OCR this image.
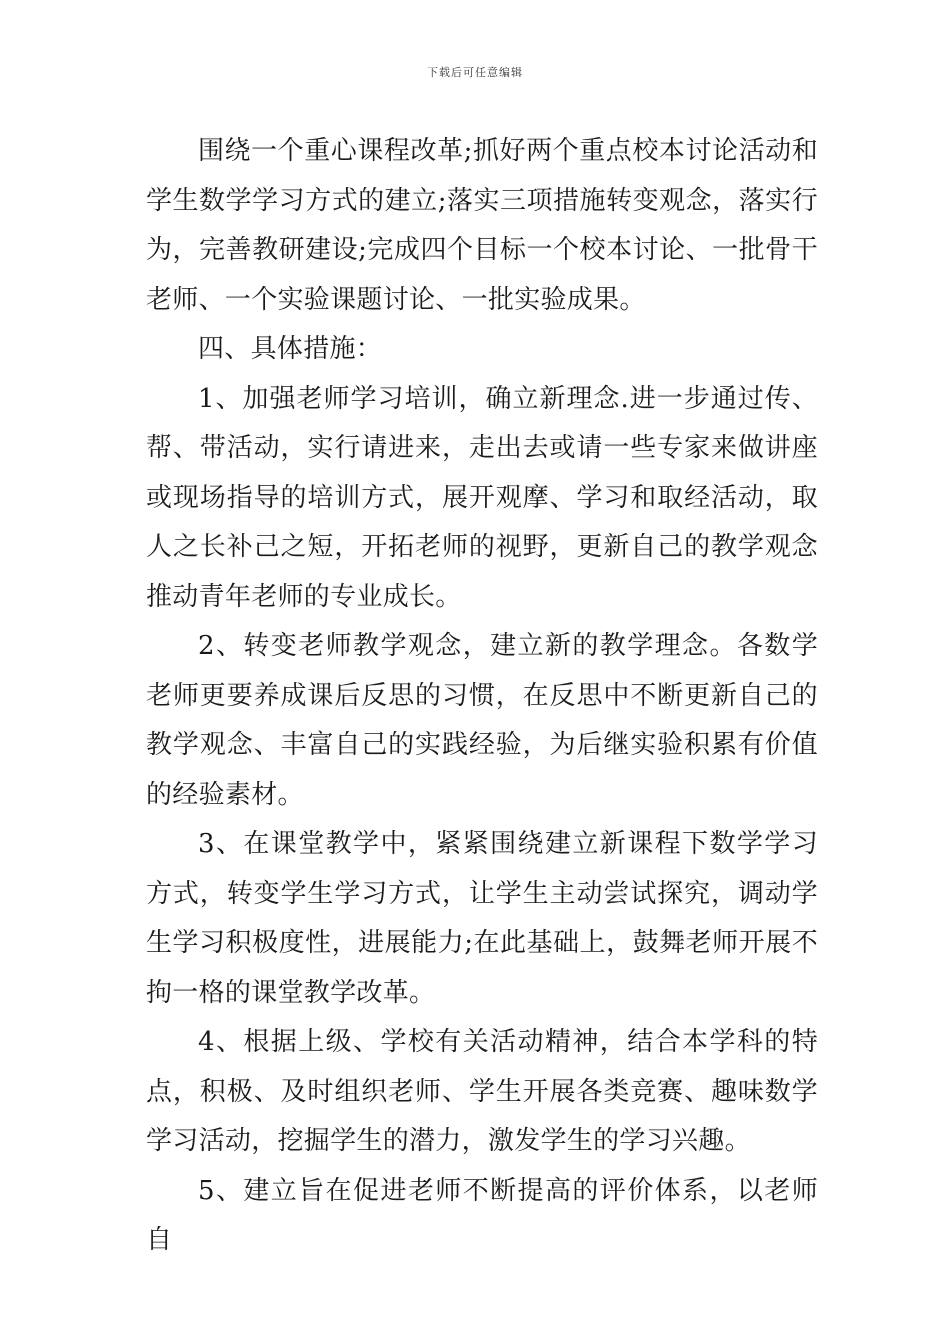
下载后可任意编辑

围绕一个重心课程改革;抓好两个重点校本讨论活动和学生数学学习方式的建立;落实三项措施转变观念，落实行为，完善教研建设;完成四个目标一个校本讨论、一批骨干老师、一个实验课题讨论、一批实验成果。

四、具体措施：

1、加强老师学习培训，确立新理念.进一步通过传、帮、带活动，实行请进来，走出去或请一些专家来做讲座或现场指导的培训方式，展开观摩、学习和取经活动，取人之长补己之短，开拓老师的视野，更新自己的教学观念推动青年老师的专业成长。

2、转变老师教学观念，建立新的教学理念。各数学老师更要养成课后反思的习惯，在反思中不断更新自己的教学观念、丰富自己的实践经验，为后继实验积累有价值的经验素材。

3、在课堂教学中，紧紧围绕建立新课程下数学学习方式，转变学生学习方式，让学生主动尝试探究，调动学生学习积极度性，进展能力;在此基础上，鼓舞老师开展不拘一格的课堂教学改革。

4、根据上级、学校有关活动精神，结合本学科的特点，积极、及时组织老师、学生开展各类竞赛、趣味数学学习活动，挖掘学生的潜力，激发学生的学习兴趣。

5、建立旨在促进老师不断提高的评价体系，以老师自
